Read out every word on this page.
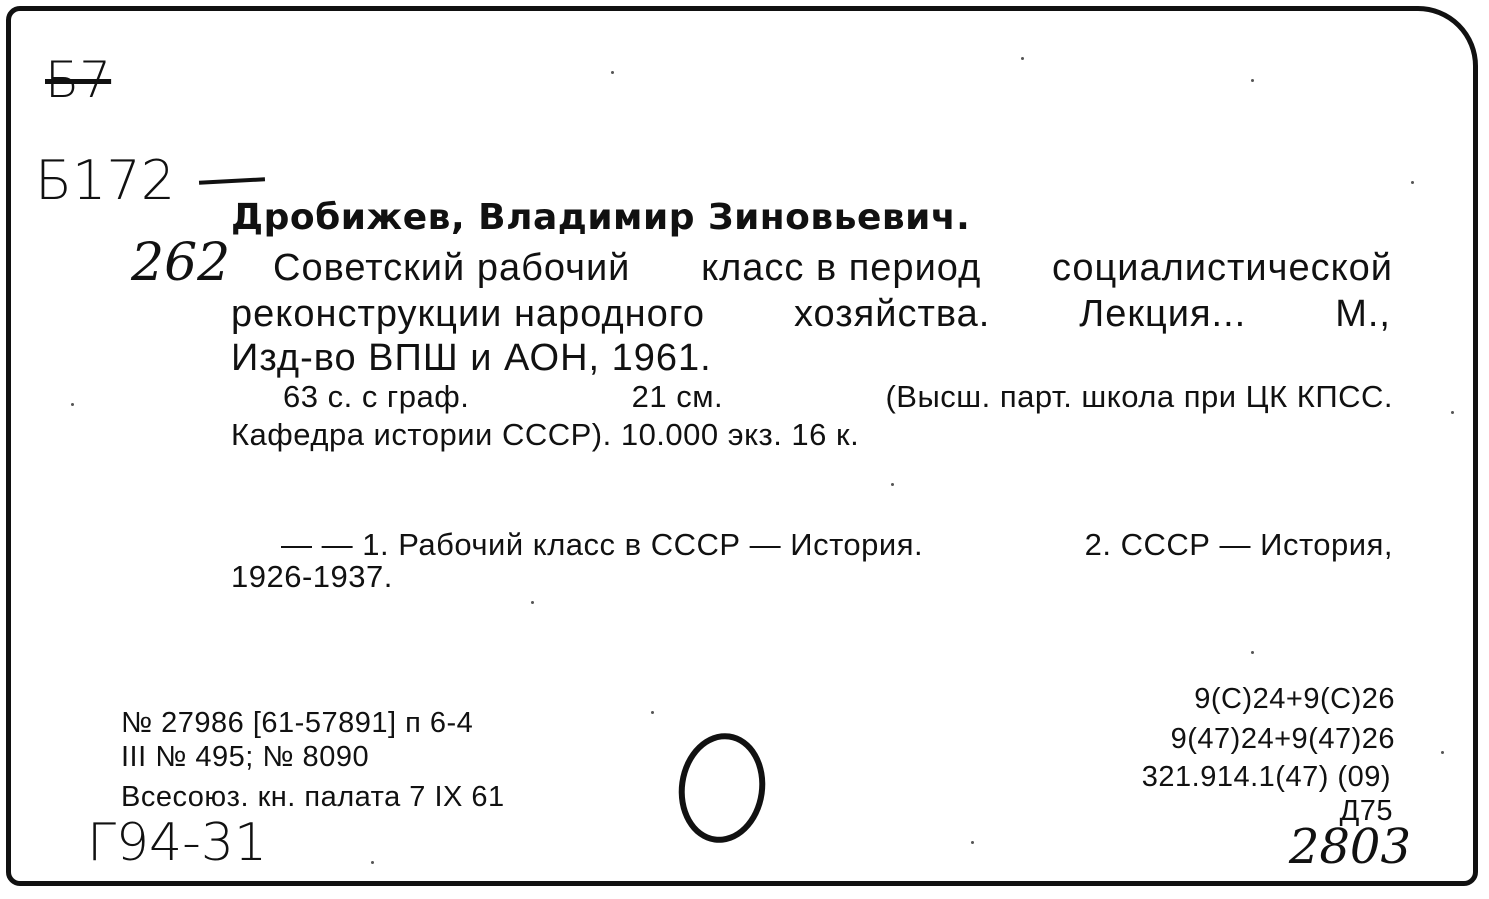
Б7
Б172
262
Дробижев, Владимир Зиновьевич.
Советский рабочий класс в период социалистической
реконструкции народного хозяйства. Лекция... М.,
Изд-во ВПШ и АОН, 1961.
63 с. с граф.	21 см.	(Высш. парт. школа при ЦК КПСС.
Кафедра истории СССР). 10.000 экз. 16 к.
— — 1. Рабочий класс в СССР — История.	2. СССР — История,
1926-1937.
№ 27986 [61-57891] п 6-4
III № 495; № 8090
Всесоюз. кн. палата 7 IX 61
9(С)24+9(С)26
9(47)24+9(47)26
321.914.1(47) (09)
Д75
Г94-31	2803
